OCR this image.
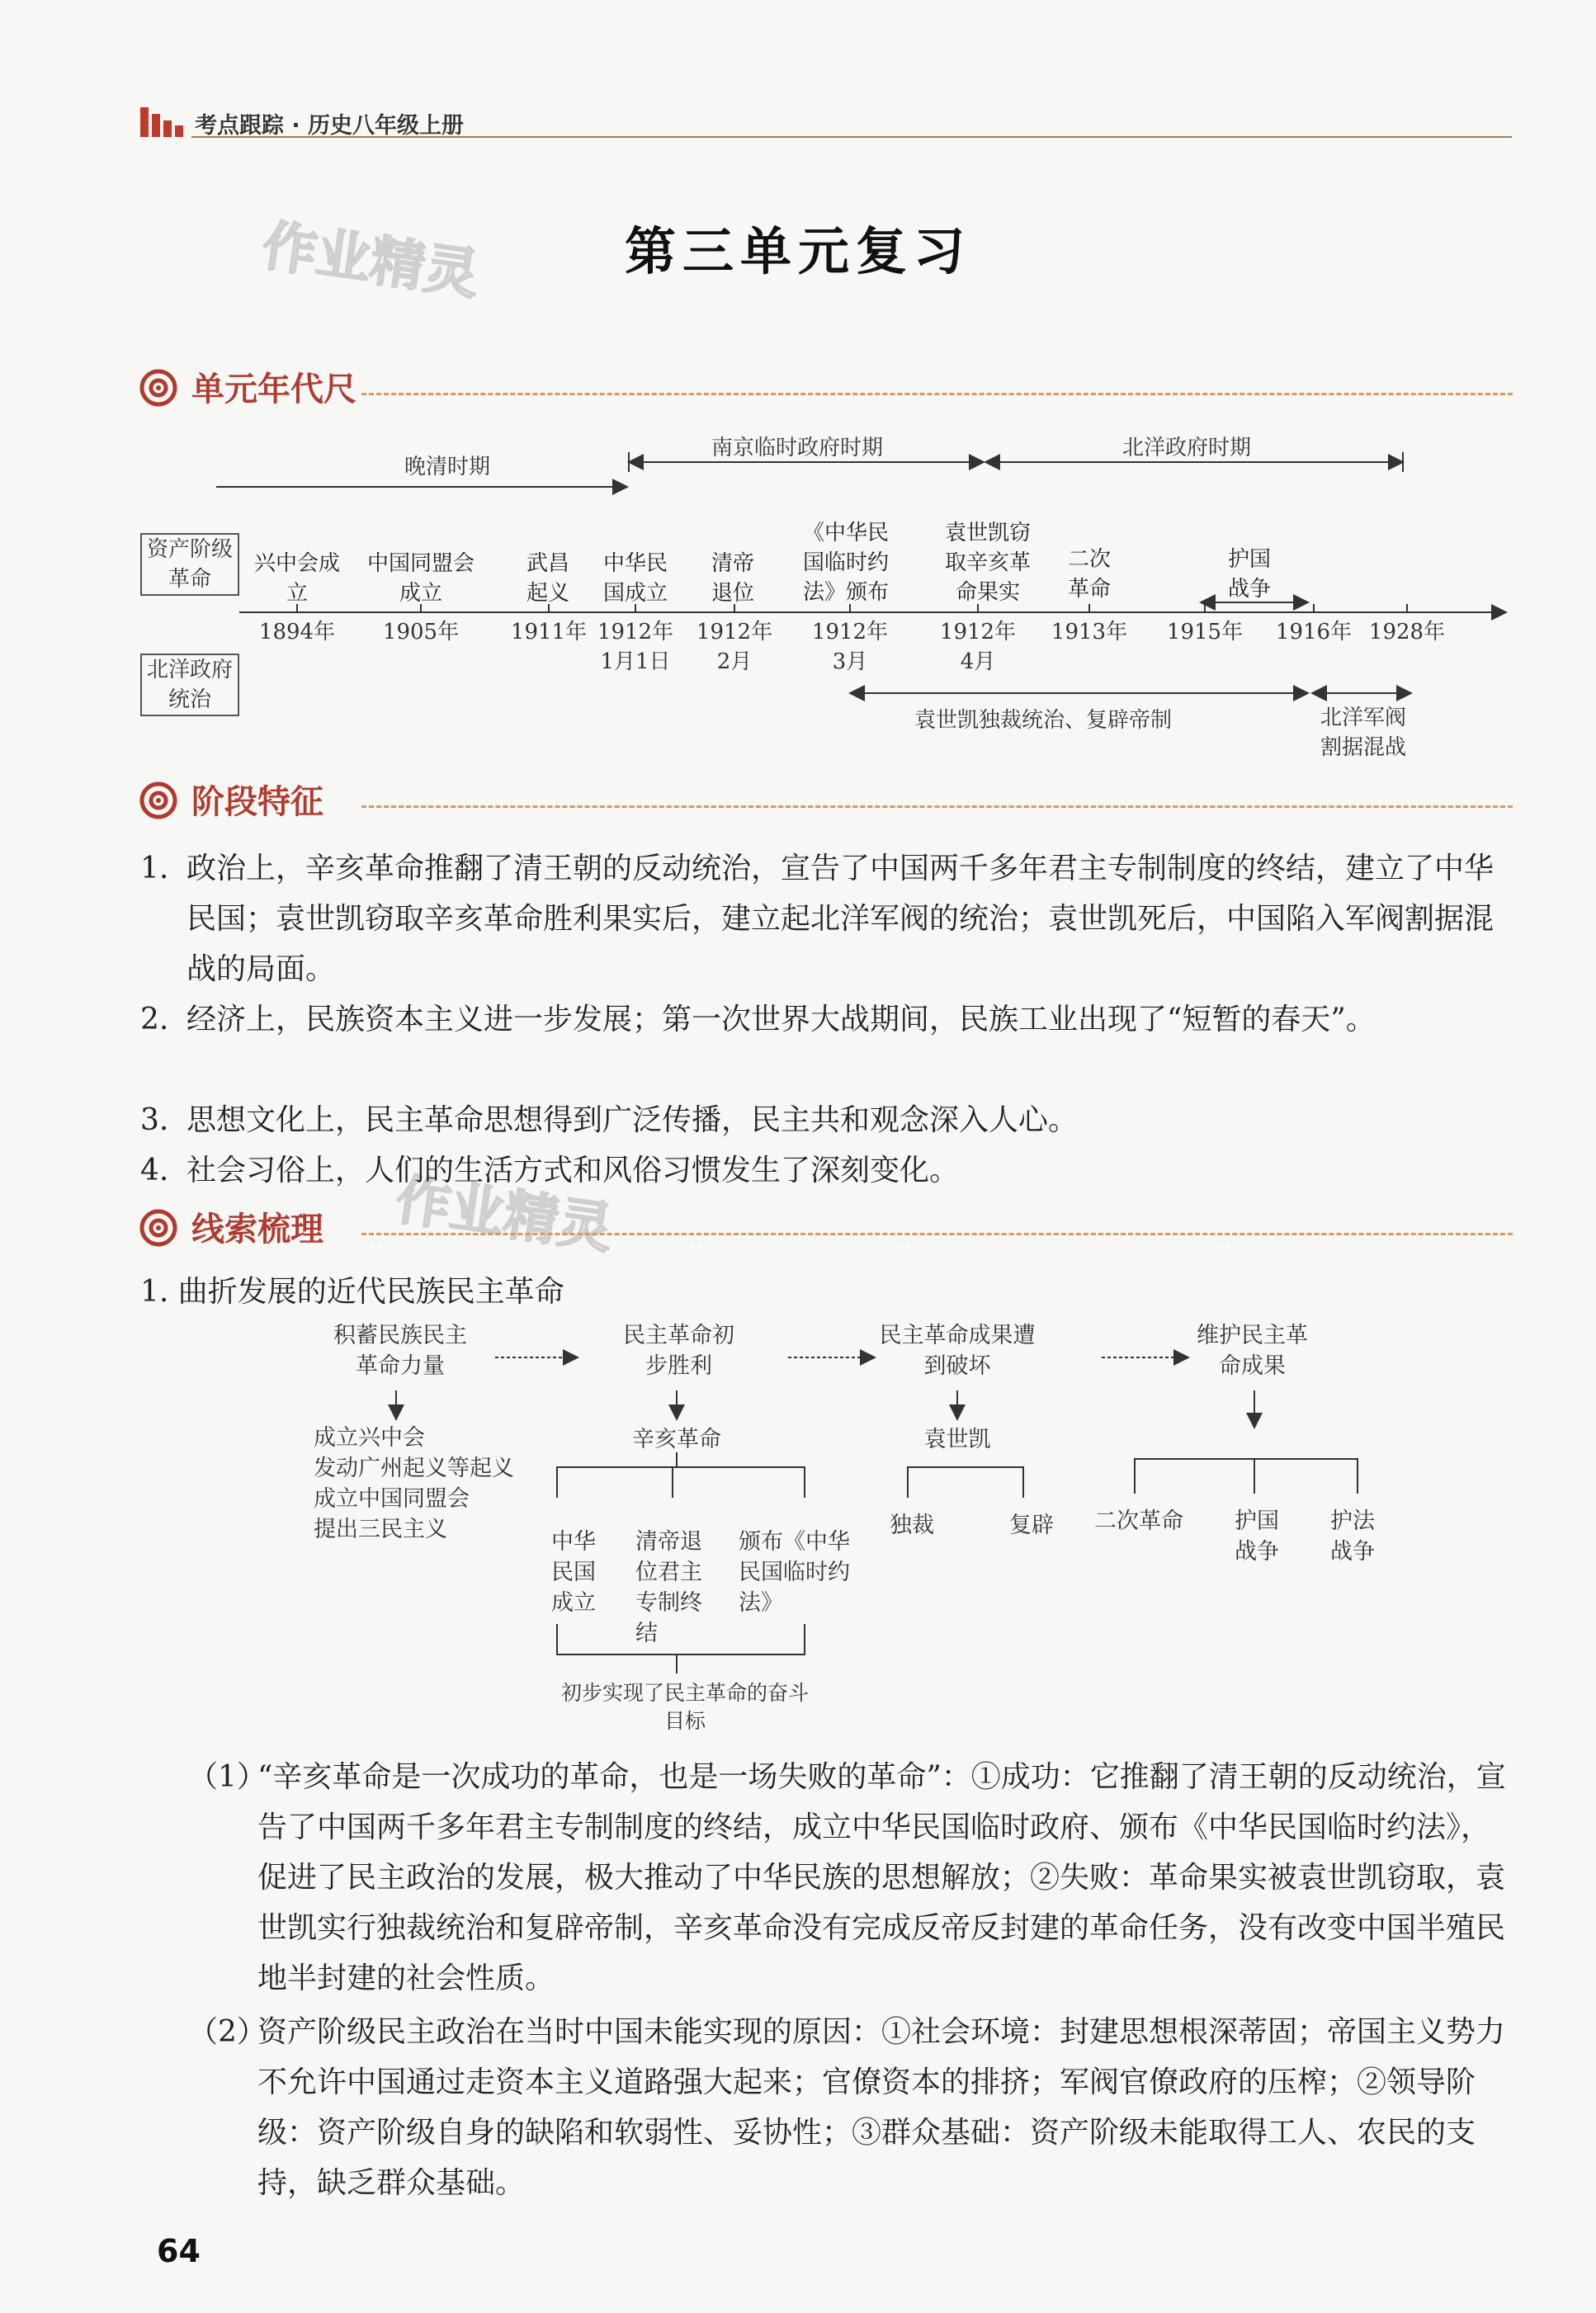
考点跟踪 · 历史八年级上册
作业精灵
作业精灵
第三单元复习
单元年代尺
晚清时期
南京临时政府时期	北洋政府时期
资产阶级革命
北洋政府统治
兴中会成立
中国同盟会成立
武昌起义
中华民国成立
清帝退位
《中华民国临时约法》颁布
袁世凯窃取辛亥革命果实
二次革命
护国战争
1894年 1905年 1911年 1912年1月1日
1912年2月
1912年3月
1912年4月
1913年 1915年 1916年 1928年
袁世凯独裁统治、复辟帝制	北洋军阀割据混战
阶段特征
1. 政治上，辛亥革命推翻了清王朝的反动统治，宣告了中国两千多年君主专制制度的终结，建立了中华民国；袁世凯窃取辛亥革命胜利果实后，建立起北洋军阀的统治；袁世凯死后，中国陷入军阀割据混战的局面。
2. 经济上，民族资本主义进一步发展；第一次世界大战期间，民族工业出现了“短暂的春天”。
3. 思想文化上，民主革命思想得到广泛传播，民主共和观念深入人心。
4. 社会习俗上，人们的生活方式和风俗习惯发生了深刻变化。
线索梳理
1. 曲折发展的近代民族民主革命
积蓄民族民主革命力量
民主革命初步胜利
民主革命成果遭到破坏
维护民主革命成果
成立兴中会
发动广州起义等起义
成立中国同盟会
提出三民主义
辛亥革命
中华民国成立
清帝退位君主专制终结
颁布《中华民国临时约法》
初步实现了民主革命的奋斗目标
袁世凯
独裁	复辟 二次革命 护国战争
护法战争
（1）
“辛亥革命是一次成功的革命，也是一场失败的革命”：①成功：它推翻了清王朝的反动统治，宣告了中国两千多年君主专制制度的终结，成立中华民国临时政府、颁布《中华民国临时约法》，促进了民主政治的发展，极大推动了中华民族的思想解放；②失败：革命果实被袁世凯窃取，袁世凯实行独裁统治和复辟帝制，辛亥革命没有完成反帝反封建的革命任务，没有改变中国半殖民地半封建的社会性质。
（2）
资产阶级民主政治在当时中国未能实现的原因：①社会环境：封建思想根深蒂固；帝国主义势力不允许中国通过走资本主义道路强大起来；官僚资本的排挤；军阀官僚政府的压榨；②领导阶级：资产阶级自身的缺陷和软弱性、妥协性；③群众基础：资产阶级未能取得工人、农民的支持，缺乏群众基础。
64
